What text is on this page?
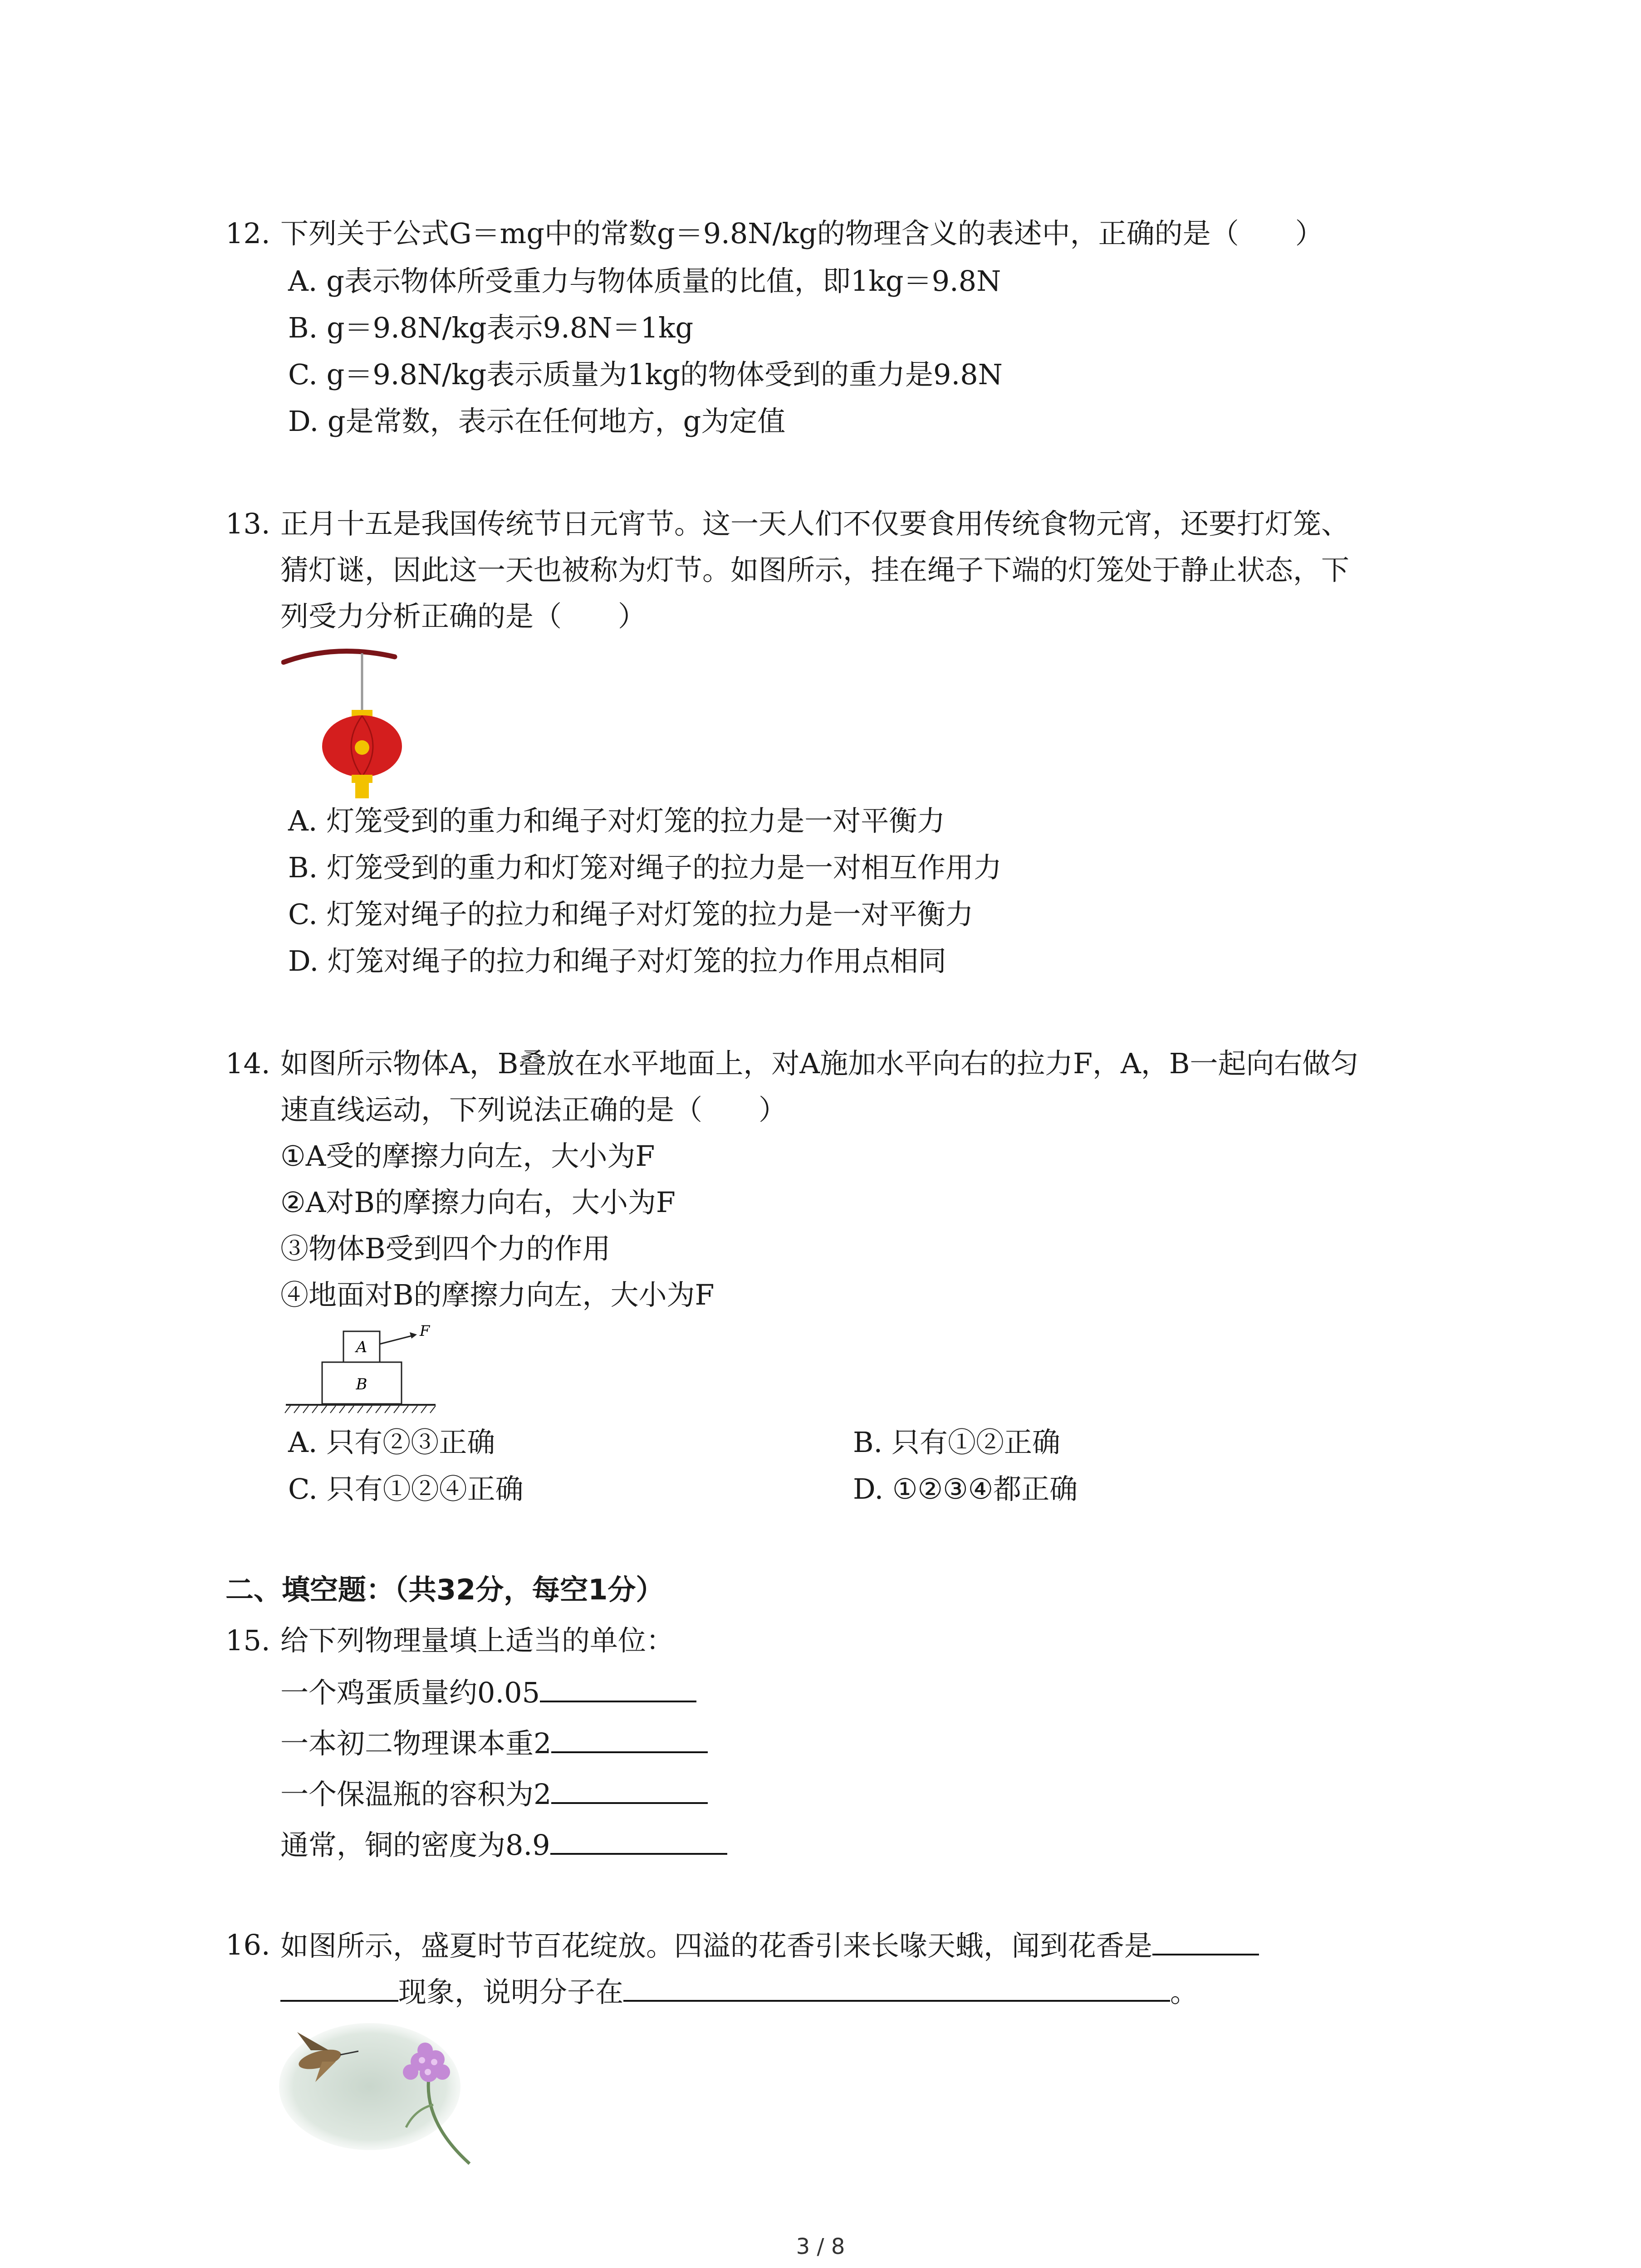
12. 下列关于公式G＝mg中的常数g＝9.8N/kg的物理含义的表述中，正确的是（　　）
A. g表示物体所受重力与物体质量的比值，即1kg＝9.8N
B. g＝9.8N/kg表示9.8N＝1kg
C. g＝9.8N/kg表示质量为1kg的物体受到的重力是9.8N
D. g是常数，表示在任何地方，g为定值
13. 正月十五是我国传统节日元宵节。这一天人们不仅要食用传统食物元宵，还要打灯笼、
猜灯谜，因此这一天也被称为灯节。如图所示，挂在绳子下端的灯笼处于静止状态，下
列受力分析正确的是（　　）
A. 灯笼受到的重力和绳子对灯笼的拉力是一对平衡力
B. 灯笼受到的重力和灯笼对绳子的拉力是一对相互作用力
C. 灯笼对绳子的拉力和绳子对灯笼的拉力是一对平衡力
D. 灯笼对绳子的拉力和绳子对灯笼的拉力作用点相同
14. 如图所示物体A，B叠放在水平地面上，对A施加水平向右的拉力F，A，B一起向右做匀
速直线运动，下列说法正确的是（　　）
①A受的摩擦力向左，大小为F
②A对B的摩擦力向右，大小为F
③物体B受到四个力的作用
④地面对B的摩擦力向左，大小为F
A
B
F
A. 只有②③正确	B. 只有①②正确
C. 只有①②④正确	D. ①②③④都正确
二、填空题：（共32分，每空1分）
15. 给下列物理量填上适当的单位：
一个鸡蛋质量约0.05
一本初二物理课本重2
一个保温瓶的容积为2
通常，铜的密度为8.9
16. 如图所示，盛夏时节百花绽放。四溢的花香引来长喙天蛾，闻到花香是
现象，说明分子在	。
3 / 8
